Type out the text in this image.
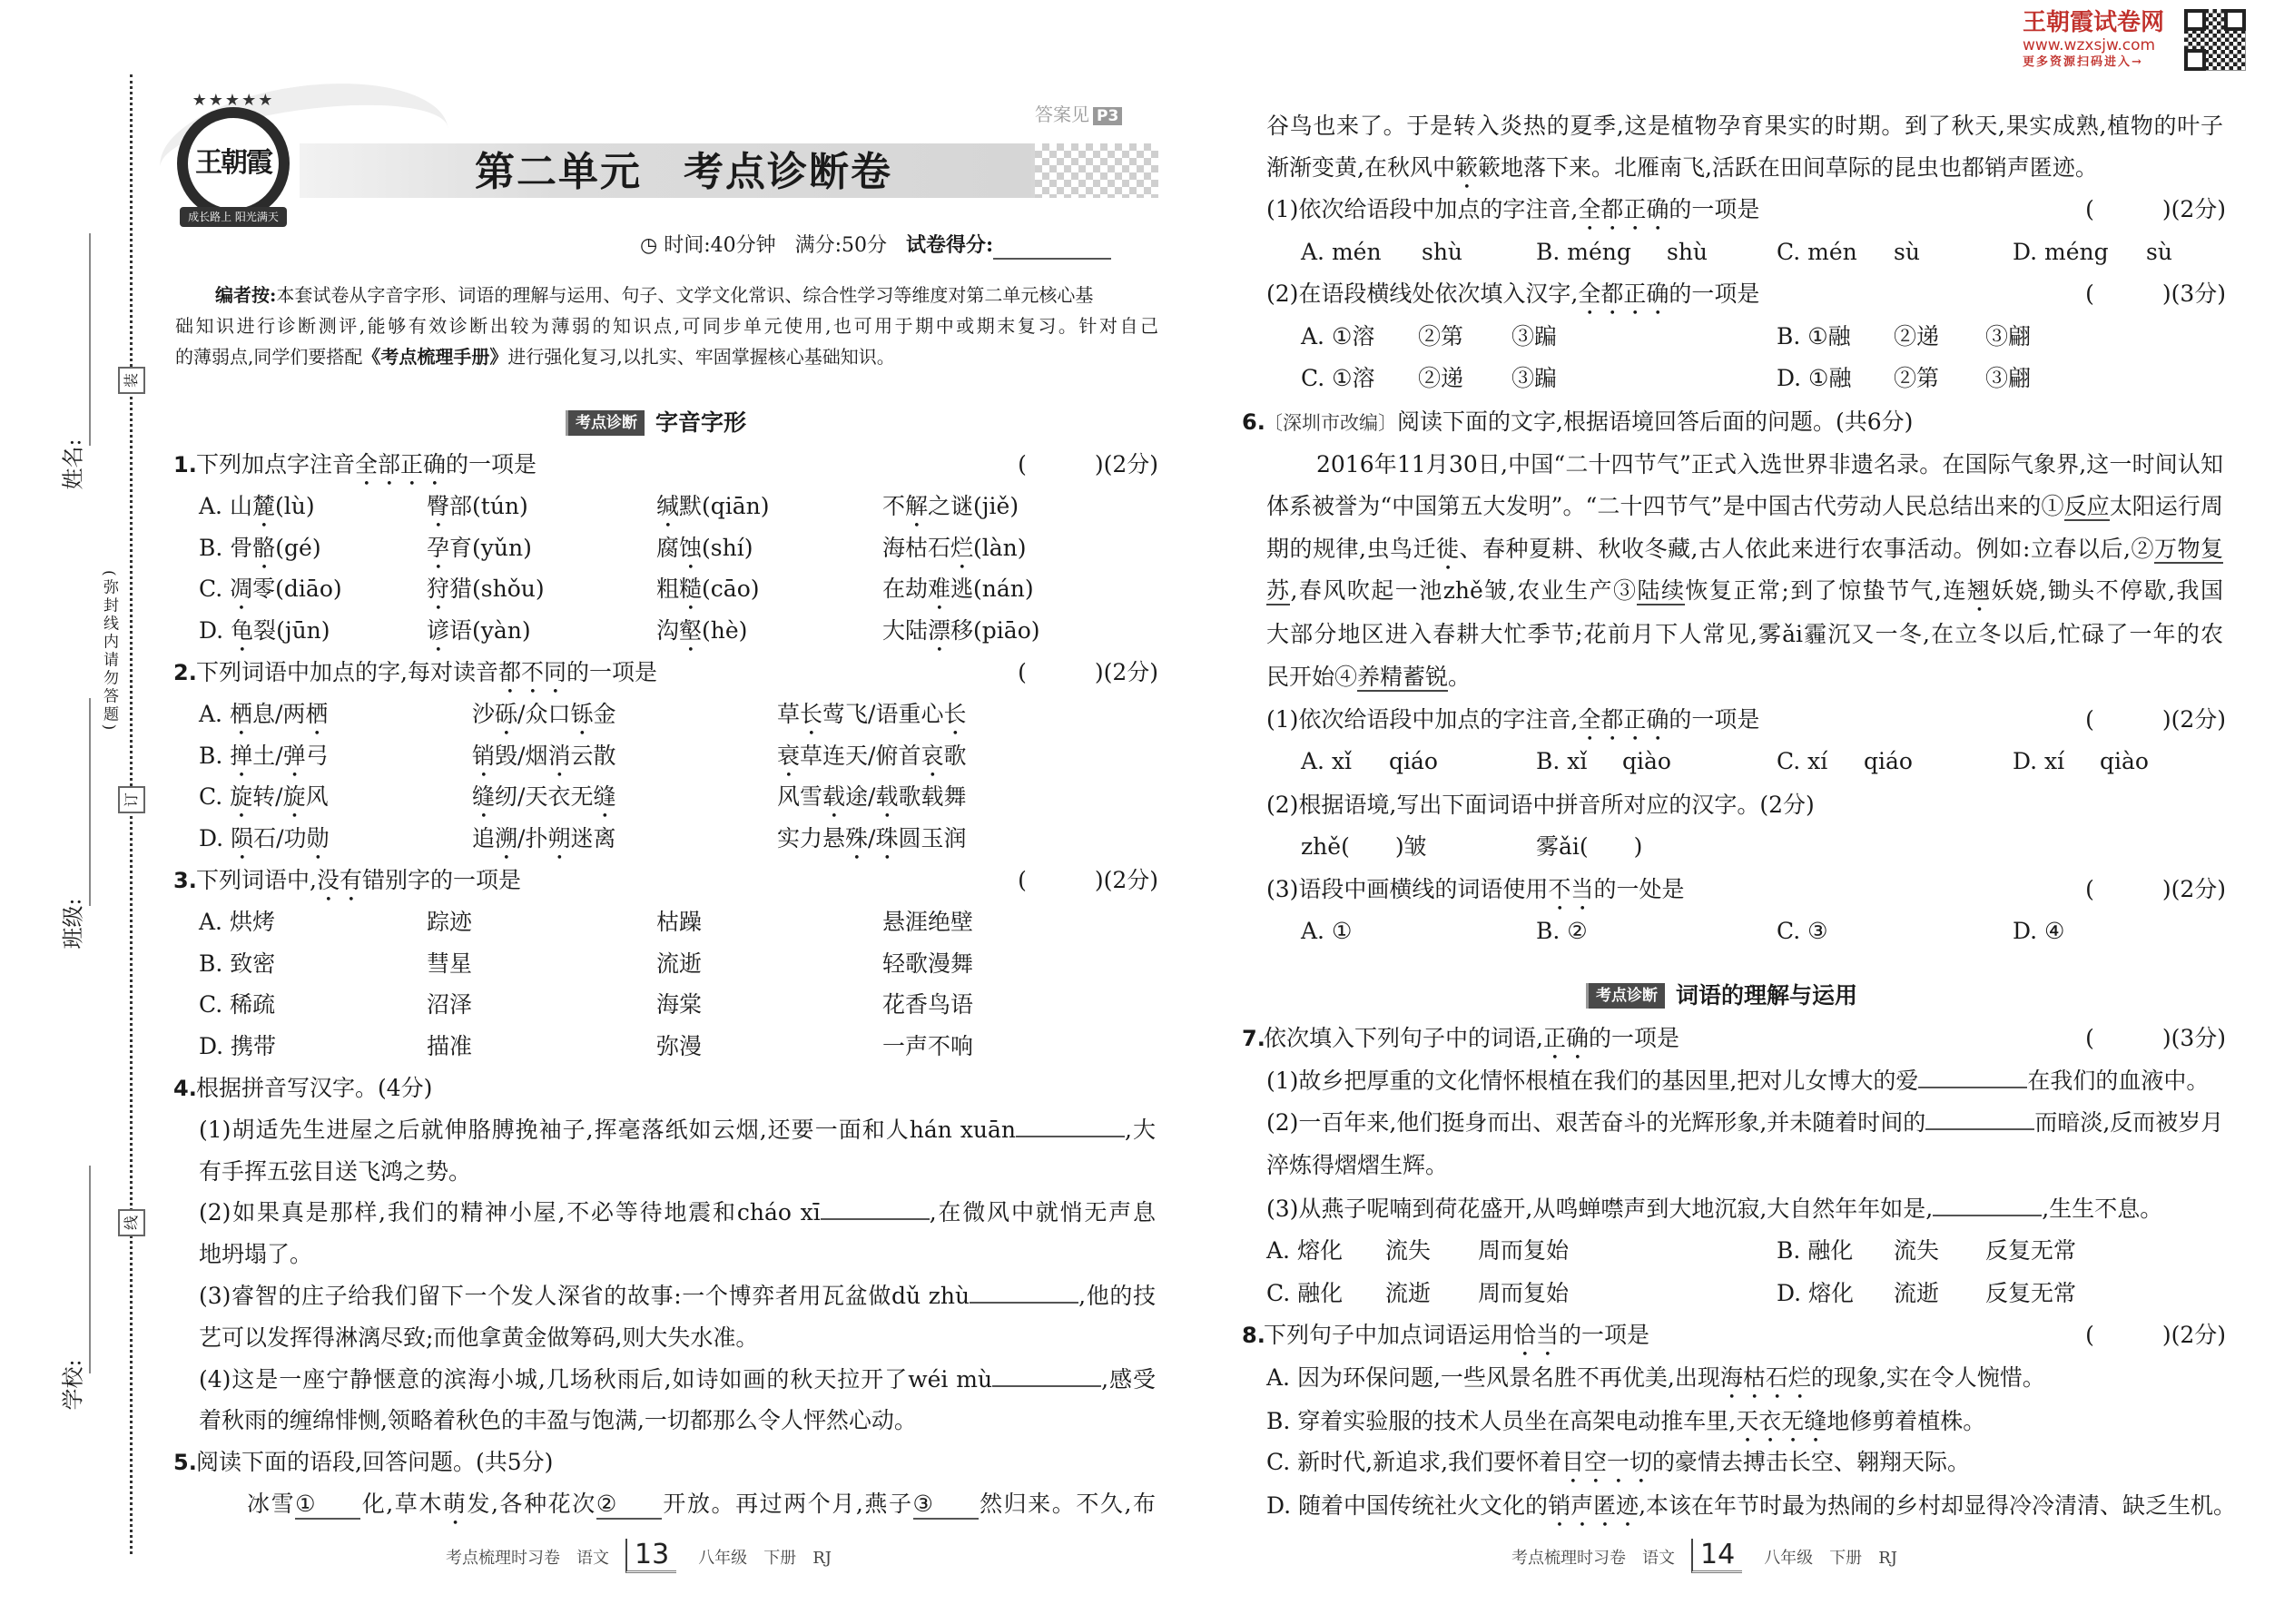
王朝霞试卷网
www.wzxsjw.com
更多资源扫码进入→
装
订
线
姓名:
班级:
学校:
(弥封线内请勿答题)
王朝霞
★★★★★
成长路上 阳光满天
答案见 P3
第二单元　考点诊断卷
◷ 时间:40分钟 满分:50分 试卷得分:
编者按:本套试卷从字音字形、词语的理解与运用、句子、文学文化常识、综合性学习等维度对第二单元核心基
础知识进行诊断测评,能够有效诊断出较为薄弱的知识点,可同步单元使用,也可用于期中或期末复习。针对自己
的薄弱点,同学们要搭配《考点梳理手册》进行强化复习,以扎实、牢固掌握核心基础知识。
考点诊断 字音字形
1. 下列加点字注音全部正确的一项是	(　　　)(2分)
A. 山麓(lù)	臀部(tún)	缄默(qiān)	不解之谜(jiě)
B. 骨骼(gé)	孕育(yǔn)	腐蚀(shí)	海枯石烂(làn)
C. 凋零(diāo)	狩猎(shǒu)	粗糙(cāo)	在劫难逃(nán)
D. 龟裂(jūn)	谚语(yàn)	沟壑(hè)	大陆漂移(piāo)
2. 下列词语中加点的字,每对读音都不同的一项是	(　　　)(2分)
A. 栖息/两栖	沙砾/众口铄金	草长莺飞/语重心长
B. 掸土/弹弓	销毁/烟消云散	衰草连天/俯首哀歌
C. 旋转/旋风	缝纫/天衣无缝	风雪载途/载歌载舞
D. 陨石/功勋	追溯/扑朔迷离	实力悬殊/珠圆玉润
3. 下列词语中,没有错别字的一项是	(　　　)(2分)
A. 烘烤	踪迹	枯躁	悬涯绝壁
B. 致密	彗星	流逝	轻歌漫舞
C. 稀疏	沼泽	海棠	花香鸟语
D. 携带	描准	弥漫	一声不响
4. 根据拼音写汉字。(4分)
(1)胡适先生进屋之后就伸胳膊挽袖子,挥毫落纸如云烟,还要一面和人hán xuān	,大
有手挥五弦目送飞鸿之势。
(2)如果真是那样,我们的精神小屋,不必等待地震和cháo xī	,在微风中就悄无声息
地坍塌了。
(3)睿智的庄子给我们留下一个发人深省的故事:一个博弈者用瓦盆做dǔ zhù	,他的技
艺可以发挥得淋漓尽致;而他拿黄金做筹码,则大失水准。
(4)这是一座宁静惬意的滨海小城,几场秋雨后,如诗如画的秋天拉开了wéi mù	,感受
着秋雨的缠绵悱恻,领略着秋色的丰盈与饱满,一切都那么令人怦然心动。
5. 阅读下面的语段,回答问题。(共5分)
冰雪① 化,草木萌发,各种花次② 开放。再过两个月,燕子③ 然归来。不久,布
考点梳理时习卷 语文 13 八年级 下册 RJ
谷鸟也来了。于是转入炎热的夏季,这是植物孕育果实的时期。到了秋天,果实成熟,植物的叶子
渐渐变黄,在秋风中簌簌地落下来。北雁南飞,活跃在田间草际的昆虫也都销声匿迹。
(1)依次给语段中加点的字注音,全都正确的一项是	(　　　)(2分)
A. mén shù	B. méng shù	C. mén sù	D. méng sù
(2)在语段横线处依次填入汉字,全都正确的一项是	(　　　)(3分)
A. ①溶 ②第 ③蹁	B. ①融 ②递 ③翩
C. ①溶 ②递 ③蹁	D. ①融 ②第 ③翩
6.
〔深圳市改编〕阅读下面的文字,根据语境回答后面的问题。(共6分)
2016年11月30日,中国“二十四节气”正式入选世界非遗名录。在国际气象界,这一时间认知
体系被誉为“中国第五大发明”。“二十四节气”是中国古代劳动人民总结出来的①反应太阳运行周
期的规律,虫鸟迁徙、春种夏耕、秋收冬藏,古人依此来进行农事活动。例如:立春以后,②万物复
苏,春风吹起一池zhě皱,农业生产③陆续恢复正常;到了惊蛰节气,连翘妖娆,锄头不停歇,我国
大部分地区进入春耕大忙季节;花前月下人常见,雾ǎi霾沉又一冬,在立冬以后,忙碌了一年的农
民开始④养精蓄锐。
(1)依次给语段中加点的字注音,全都正确的一项是	(　　　)(2分)
A. xǐ qiáo	B. xǐ qiào	C. xí qiáo	D. xí qiào
(2)根据语境,写出下面词语中拼音所对应的汉字。(2分)
zhě(　　)皱	雾ǎi(　　)
(3)语段中画横线的词语使用不当的一处是	(　　　)(2分)
A. ①	B. ②	C. ③	D. ④
考点诊断 词语的理解与运用
7.
依次填入下列句子中的词语,正确的一项是	(　　　)(3分)
(1)故乡把厚重的文化情怀根植在我们的基因里,把对儿女博大的爱	在我们的血液中。
(2)一百年来,他们挺身而出、艰苦奋斗的光辉形象,并未随着时间的	而暗淡,反而被岁月
淬炼得熠熠生辉。
(3)从燕子呢喃到荷花盛开,从鸣蝉噤声到大地沉寂,大自然年年如是,	,生生不息。
A. 熔化 流失 周而复始	B. 融化 流失 反复无常
C. 融化 流逝 周而复始	D. 熔化 流逝 反复无常
8.
下列句子中加点词语运用恰当的一项是	(　　　)(2分)
A. 因为环保问题,一些风景名胜不再优美,出现海枯石烂的现象,实在令人惋惜。
B. 穿着实验服的技术人员坐在高架电动推车里,天衣无缝地修剪着植株。
C. 新时代,新追求,我们要怀着目空一切的豪情去搏击长空、翱翔天际。
D. 随着中国传统社火文化的销声匿迹,本该在年节时最为热闹的乡村却显得冷冷清清、缺乏生机。
考点梳理时习卷 语文 14 八年级 下册 RJ
